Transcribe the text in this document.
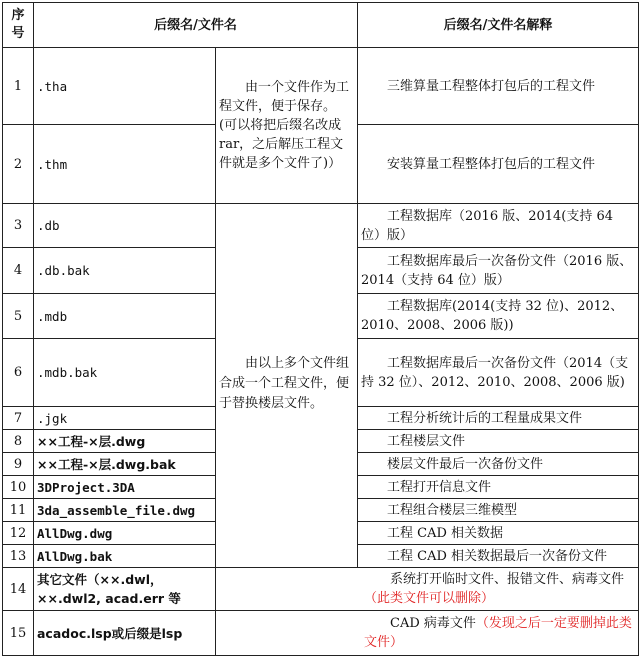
序号	后缀名/文件名		后缀名/文件名解释
1	.tha	由一个文件作为工程文件，便于保存。(可以将把后缀名改成 rar，之后解压工程文件就是多个文件了)）	三维算量工程整体打包后的工程文件
2	.thm		安装算量工程整体打包后的工程文件
3	.db	由以上多个文件组合成一个工程文件，便于替换楼层文件。	工程数据库（2016 版、2014(支持 64 位）版）
4	.db.bak		工程数据库最后一次备份文件（2016 版、2014（支持 64 位）版）
5	.mdb		工程数据库(2014(支持 32 位)、2012、2010、2008、2006 版))
6	.mdb.bak		工程数据库最后一次备份文件（2014（支持 32 位）、2012、2010、2008、2006 版)
7	.jgk		工程分析统计后的工程量成果文件
8	××工程-×层.dwg		工程楼层文件
9	××工程-×层.dwg.bak		楼层文件最后一次备份文件
10	3DProject.3DA		工程打开信息文件
11	3da_assemble_file.dwg		工程组合楼层三维模型
12	AllDwg.dwg		工程 CAD 相关数据
13	AllDwg.bak		工程 CAD 相关数据最后一次备份文件
14	其它文件（××.dwl，××.dwl2, acad.err 等	系统打开临时文件、报错文件、病毒文件（此类文件可以删除）	
15	acadoc.lsp或后缀是lsp	CAD 病毒文件（发现之后一定要删掉此类文件）	
